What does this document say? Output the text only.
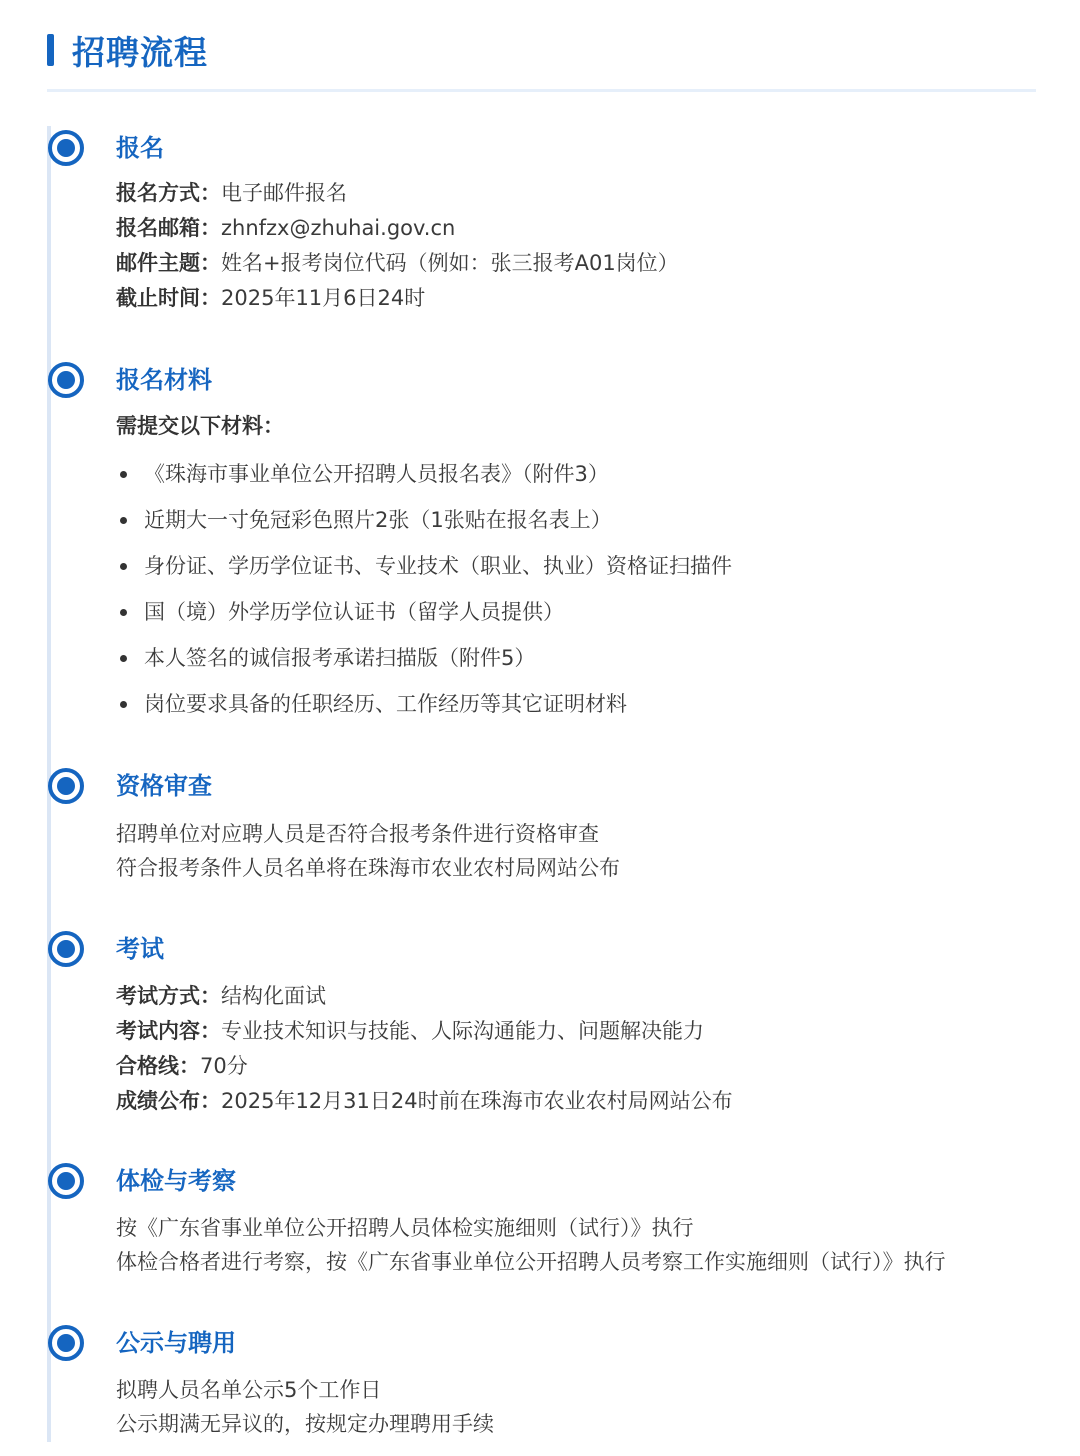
招聘流程
报名
报名方式：电子邮件报名
报名邮箱：zhnfzx@zhuhai.gov.cn
邮件主题：姓名+报考岗位代码（例如：张三报考A01岗位）
截止时间：2025年11月6日24时
报名材料
需提交以下材料：
《珠海市事业单位公开招聘人员报名表》（附件3）
近期大一寸免冠彩色照片2张（1张贴在报名表上）
身份证、学历学位证书、专业技术（职业、执业）资格证扫描件
国（境）外学历学位认证书（留学人员提供）
本人签名的诚信报考承诺扫描版（附件5）
岗位要求具备的任职经历、工作经历等其它证明材料
资格审查
招聘单位对应聘人员是否符合报考条件进行资格审查
符合报考条件人员名单将在珠海市农业农村局网站公布
考试
考试方式：结构化面试
考试内容：专业技术知识与技能、人际沟通能力、问题解决能力
合格线：70分
成绩公布：2025年12月31日24时前在珠海市农业农村局网站公布
体检与考察
按《广东省事业单位公开招聘人员体检实施细则（试行）》执行
体检合格者进行考察，按《广东省事业单位公开招聘人员考察工作实施细则（试行）》执行
公示与聘用
拟聘人员名单公示5个工作日
公示期满无异议的，按规定办理聘用手续
